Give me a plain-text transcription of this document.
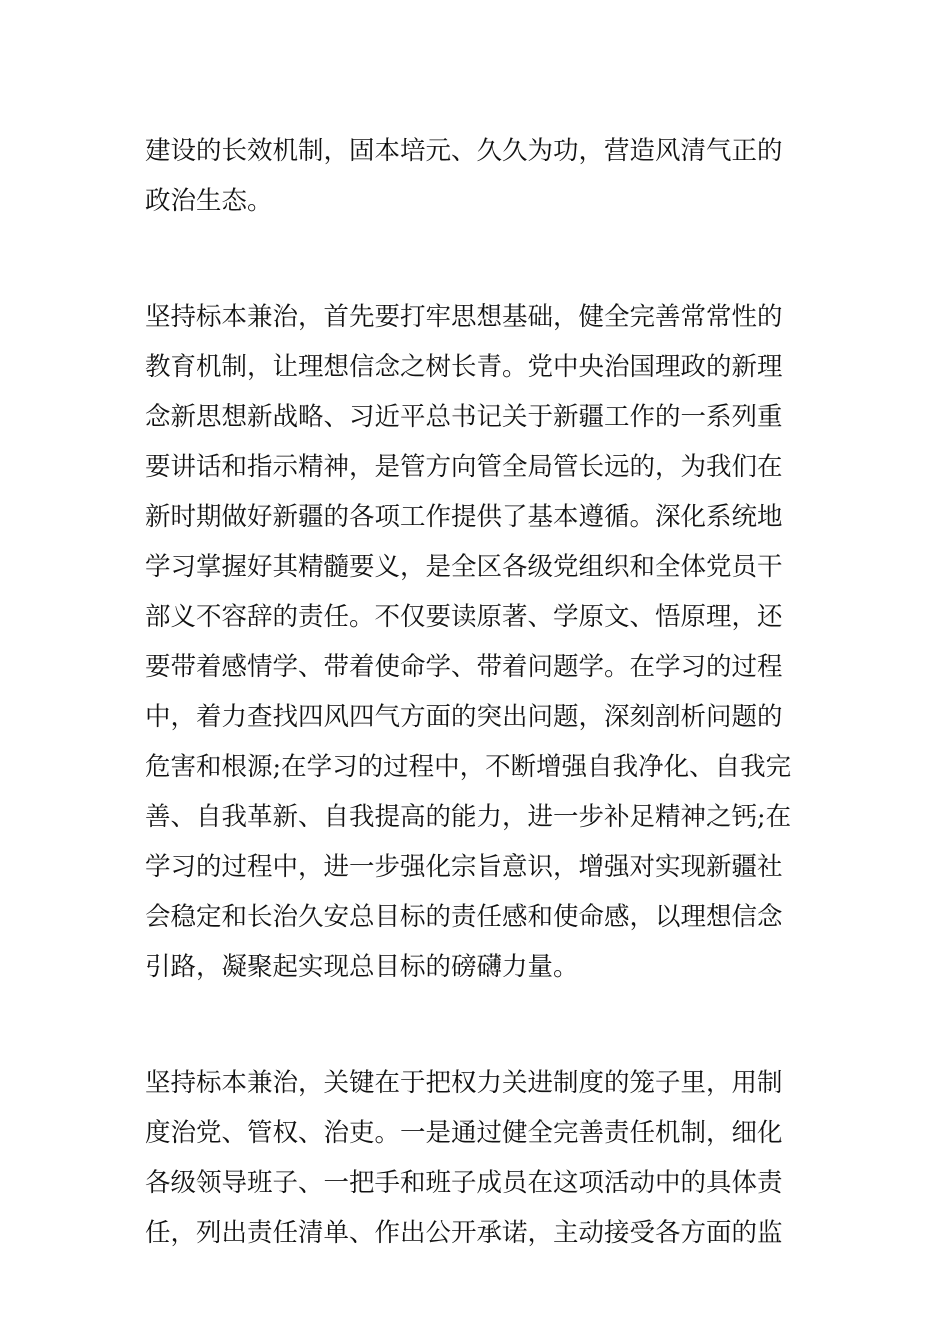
建设的长效机制，固本培元、久久为功，营造风清气正的
政治生态。
坚持标本兼治，首先要打牢思想基础，健全完善常常性的
教育机制，让理想信念之树长青。党中央治国理政的新理
念新思想新战略、习近平总书记关于新疆工作的一系列重
要讲话和指示精神，是管方向管全局管长远的，为我们在
新时期做好新疆的各项工作提供了基本遵循。深化系统地
学习掌握好其精髓要义，是全区各级党组织和全体党员干
部义不容辞的责任。不仅要读原著、学原文、悟原理，还
要带着感情学、带着使命学、带着问题学。在学习的过程
中，着力查找四风四气方面的突出问题，深刻剖析问题的
危害和根源;在学习的过程中，不断增强自我净化、自我完
善、自我革新、自我提高的能力，进一步补足精神之钙;在
学习的过程中，进一步强化宗旨意识，增强对实现新疆社
会稳定和长治久安总目标的责任感和使命感，以理想信念
引路，凝聚起实现总目标的磅礴力量。
坚持标本兼治，关键在于把权力关进制度的笼子里，用制
度治党、管权、治吏。一是通过健全完善责任机制，细化
各级领导班子、一把手和班子成员在这项活动中的具体责
任，列出责任清单、作出公开承诺，主动接受各方面的监
